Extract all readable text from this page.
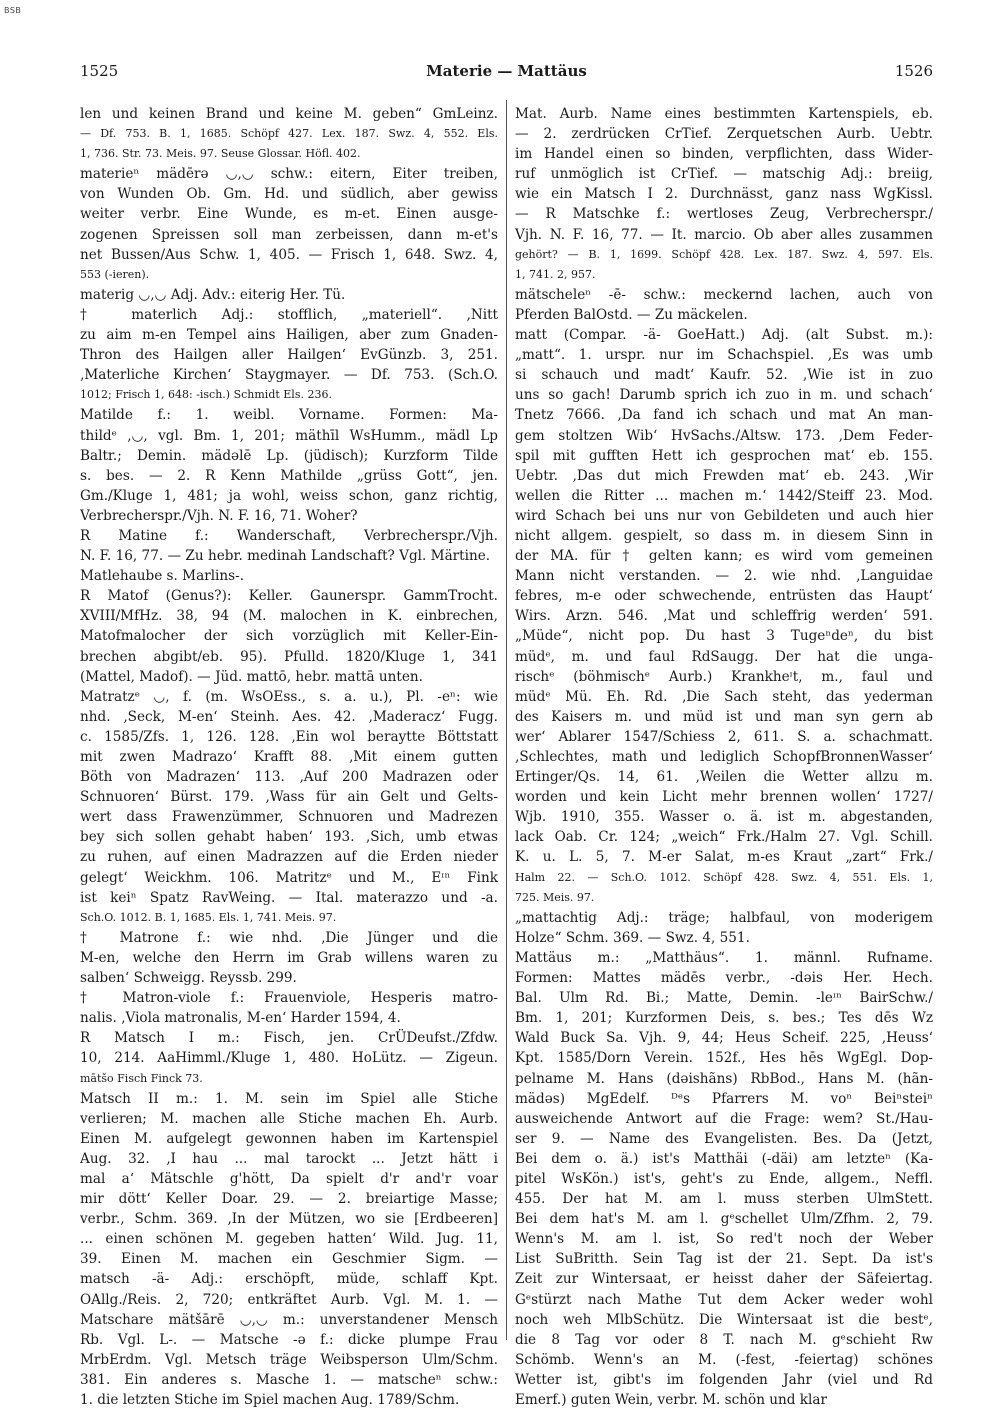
BSB
1525	Materie — Mattäus	1526
len und keinen Brand und keine M. geben“ GmLeinz.
— Df. 753. B. 1, 1685. Schöpf 427. Lex. 187. Swz. 4, 552. Els.
1, 736. Str. 73. Meis. 97. Seuse Glossar. Höfl. 402.
materieⁿ mädērə ◡,◡ schw.: eitern, Eiter treiben,
von Wunden Ob. Gm. Hd. und südlich, aber gewiss
weiter verbr. Eine Wunde, es m-et. Einen ausge-
zogenen Spreissen soll man zerbeissen, dann m-et's
net Bussen/Aus Schw. 1, 405. — Frisch 1, 648. Swz. 4,
553 (-ieren).
materig ◡,◡ Adj. Adv.: eiterig Her. Tü.
† materlich Adj.: stofflich, „materiell“. ‚Nitt
zu aim m-en Tempel ains Hailigen, aber zum Gnaden-
Thron des Hailgen aller Hailgen‘ EvGünzb. 3, 251.
‚Materliche Kirchen‘ Staygmayer. — Df. 753. (Sch.O.
1012; Frisch 1, 648: -isch.) Schmidt Els. 236.
Matilde f.: 1. weibl. Vorname. Formen: Ma-
thildᵉ ,◡, vgl. Bm. 1, 201; mäthīl WsHumm., mädl Lp
Baltr.; Demin. mädəlē Lp. (jüdisch); Kurzform Tilde
s. bes. — 2. R Kenn Mathilde „grüss Gott“, jen.
Gm./Kluge 1, 481; ja wohl, weiss schon, ganz richtig,
Verbrecherspr./Vjh. N. F. 16, 71. Woher?
R Matine f.: Wanderschaft, Verbrecherspr./Vjh.
N. F. 16, 77. — Zu hebr. medinah Landschaft? Vgl. Märtine.
Matlehaube s. Marlins-.
R Matof (Genus?): Keller. Gaunerspr. GammTrocht.
XVIII/MfHz. 38, 94 (M. malochen in K. einbrechen,
Matofmalocher der sich vorzüglich mit Keller-Ein-
brechen abgibt/eb. 95). Pfulld. 1820/Kluge 1, 341
(Mattel, Madof). — Jüd. mattō, hebr. mattā unten.
Matratzᵉ ◡, f. (m. WsOEss., s. a. u.), Pl. -eⁿ: wie
nhd. ‚Seck, M-en‘ Steinh. Aes. 42. ‚Maderacz‘ Fugg.
c. 1585/Zfs. 1, 126. 128. ‚Ein wol beraytte Böttstatt
mit zwen Madrazo‘ Krafft 88. ‚Mit einem gutten
Böth von Madrazen‘ 113. ‚Auf 200 Madrazen oder
Schnuoren‘ Bürst. 179. ‚Wass für ain Gelt und Gelts-
wert dass Frawenzümmer, Schnuoren und Madrezen
bey sich sollen gehabt haben‘ 193. ‚Sich, umb etwas
zu ruhen, auf einen Madrazzen auf die Erden nieder
gelegt‘ Weickhm. 106. Matritzᵉ und M., Eᶦⁿ Fink
ist keiⁿ Spatz RavWeing. — Ital. materazzo und -a.
Sch.O. 1012. B. 1, 1685. Els. 1, 741. Meis. 97.
† Matrone f.: wie nhd. ‚Die Jünger und die
M-en, welche den Herrn im Grab willens waren zu
salben‘ Schweigg. Reyssb. 299.
† Matron-viole f.: Frauenviole, Hesperis matro-
nalis. ‚Viola matronalis, M-en‘ Harder 1594, 4.
R Matsch I m.: Fisch, jen. CrÜDeufst./Zfdw.
10, 214. AaHimml./Kluge 1, 480. HoLütz. — Zigeun.
mātšo Fisch Finck 73.
Matsch II m.: 1. M. sein im Spiel alle Stiche
verlieren; M. machen alle Stiche machen Eh. Aurb.
Einen M. aufgelegt gewonnen haben im Kartenspiel
Aug. 32. ‚I hau ... mal tarockt ... Jetzt hätt i
mal a‘ Mätschle g'hött, Da spielt d'r and'r voar
mir dött‘ Keller Doar. 29. — 2. breiartige Masse;
verbr., Schm. 369. ‚In der Mützen, wo sie [Erdbeeren]
... einen schönen M. gegeben hatten‘ Wild. Jug. 11,
39. Einen M. machen ein Geschmier Sigm. —
matsch -ä- Adj.: erschöpft, müde, schlaff Kpt.
OAllg./Reis. 2, 720; entkräftet Aurb. Vgl. M. 1. —
Matschare mätšārē ◡,◡ m.: unverstandener Mensch
Rb. Vgl. L-. — Matsche -ə f.: dicke plumpe Frau
MrbErdm. Vgl. Metsch träge Weibsperson Ulm/Schm.
381. Ein anderes s. Masche 1. — matscheⁿ schw.:
1. die letzten Stiche im Spiel machen Aug. 1789/Schm.
Mat. Aurb. Name eines bestimmten Kartenspiels, eb.
— 2. zerdrücken CrTief. Zerquetschen Aurb. Uebtr.
im Handel einen so binden, verpflichten, dass Wider-
ruf unmöglich ist CrTief. — matschig Adj.: breiig,
wie ein Matsch I 2. Durchnässt, ganz nass WgKissl.
— R Matschke f.: wertloses Zeug, Verbrecherspr./
Vjh. N. F. 16, 77. — It. marcio. Ob aber alles zusammen
gehört? — B. 1, 1699. Schöpf 428. Lex. 187. Swz. 4, 597. Els.
1, 741. 2, 957.
mätscheleⁿ -ē- schw.: meckernd lachen, auch von
Pferden BalOstd. — Zu mäckelen.
matt (Compar. -ä- GoeHatt.) Adj. (alt Subst. m.):
„matt“. 1. urspr. nur im Schachspiel. ‚Es was umb
si schauch und madt‘ Kaufr. 52. ‚Wie ist in zuo
uns so gach! Darumb sprich ich zuo in m. und schach‘
Tnetz 7666. ‚Da fand ich schach und mat An man-
gem stoltzen Wib‘ HvSachs./Altsw. 173. ‚Dem Feder-
spil mit gufften Hett ich gesprochen mat‘ eb. 155.
Uebtr. ‚Das dut mich Frewden mat‘ eb. 243. ‚Wir
wellen die Ritter ... machen m.‘ 1442/Steiff 23. Mod.
wird Schach bei uns nur von Gebildeten und auch hier
nicht allgem. gespielt, so dass m. in diesem Sinn in
der MA. für † gelten kann; es wird vom gemeinen
Mann nicht verstanden. — 2. wie nhd. ‚Languidae
febres, m-e oder schwechende, entrüsten das Haupt‘
Wirs. Arzn. 546. ‚Mat und schleffrig werden‘ 591.
„Müde“, nicht pop. Du hast 3 Tugeⁿdeⁿ, du bist
müdᵉ, m. und faul RdSaugg. Der hat die unga-
rischᵉ (böhmischᵉ Aurb.) Krankheᶦt, m., faul und
müdᵉ Mü. Eh. Rd. ‚Die Sach steht, das yederman
des Kaisers m. und müd ist und man syn gern ab
wer‘ Ablarer 1547/Schiess 2, 611. S. a. schachmatt.
‚Schlechtes, math und lediglich SchopfBronnenWasser‘
Ertinger/Qs. 14, 61. ‚Weilen die Wetter allzu m.
worden und kein Licht mehr brennen wollen‘ 1727/
Wjb. 1910, 355. Wasser o. ä. ist m. abgestanden,
lack Oab. Cr. 124; „weich“ Frk./Halm 27. Vgl. Schill.
K. u. L. 5, 7. M-er Salat, m-es Kraut „zart“ Frk./
Halm 22. — Sch.O. 1012. Schöpf 428. Swz. 4, 551. Els. 1,
725. Meis. 97.
„mattachtig Adj.: träge; halbfaul, von moderigem
Holze“ Schm. 369. — Swz. 4, 551.
Mattäus m.: „Matthäus“. 1. männl. Rufname.
Formen: Mattes mädēs verbr., -dəis Her. Hech.
Bal. Ulm Rd. Bi.; Matte, Demin. -leᶦⁿ BairSchw./
Bm. 1, 201; Kurzformen Deis, s. bes.; Tes dēs Wz
Wald Buck Sa. Vjh. 9, 44; Heus Scheif. 225, ‚Heuss‘
Kpt. 1585/Dorn Verein. 152f., Hes hēs WgEgl. Dop-
pelname M. Hans (dəishãns) RbBod., Hans M. (hãn-
mädəs) MgEdelf. ᴰᵉs Pfarrers M. voⁿ Beiⁿsteiⁿ
ausweichende Antwort auf die Frage: wem? St./Hau-
ser 9. — Name des Evangelisten. Bes. Da (Jetzt,
Bei dem o. ä.) ist's Matthäi (-däi) am letzteⁿ (Ka-
pitel WsKön.) ist's, geht's zu Ende, allgem., Neffl.
455. Der hat M. am l. muss sterben UlmStett.
Bei dem hat's M. am l. gᵉschellet Ulm/Zfhm. 2, 79.
Wenn's M. am l. ist, So red't noch der Weber
List SuBritth. Sein Tag ist der 21. Sept. Da ist's
Zeit zur Wintersaat, er heisst daher der Säfeiertag.
Gᵉstürzt nach Mathe Tut dem Acker weder wohl
noch weh MlbSchütz. Die Wintersaat ist die bestᵉ,
die 8 Tag vor oder 8 T. nach M. gᵉschieht Rw
Schömb. Wenn's an M. (-fest, -feiertag) schönes
Wetter ist, gibt's im folgenden Jahr (viel und Rd
Emerf.) guten Wein, verbr. M. schön und klar
